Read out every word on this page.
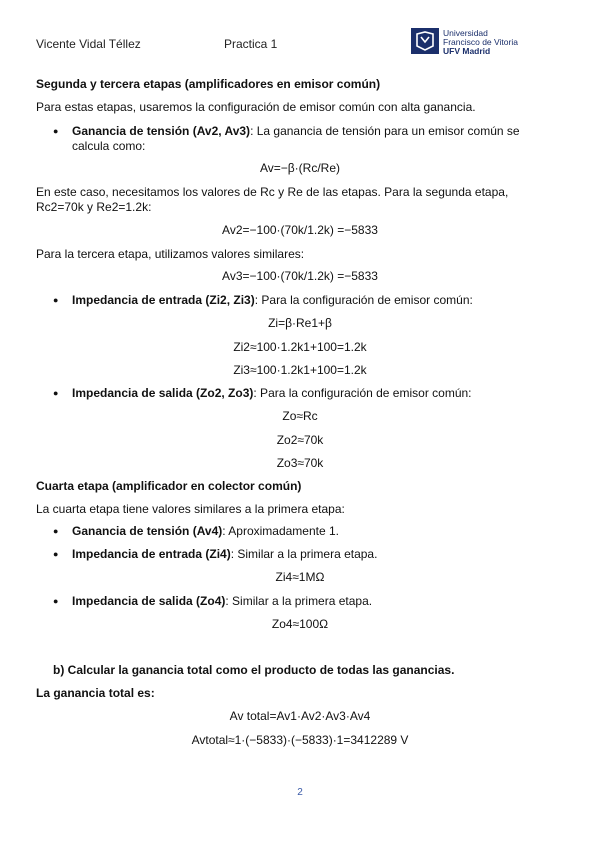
Vicente Vidal Téllez	Practica 1
Universidad
Francisco de Vitoria
UFV Madrid
Segunda y tercera etapas (amplificadores en emisor común)
Para estas etapas, usaremos la configuración de emisor común con alta ganancia.
● Ganancia de tensión (Av2, Av3): La ganancia de tensión para un emisor común se
calcula como:
Av=−β·(Rc/Re)
En este caso, necesitamos los valores de Rc y Re de las etapas. Para la segunda etapa,
Rc2=70k y Re2=1.2k:
Av2=−100·(70k/1.2k) =−5833
Para la tercera etapa, utilizamos valores similares:
Av3=−100·(70k/1.2k) =−5833
● Impedancia de entrada (Zi2, Zi3): Para la configuración de emisor común:
Zi=β·Re1+β
Zi2≈100·1.2k1+100=1.2k
Zi3≈100·1.2k1+100=1.2k
● Impedancia de salida (Zo2, Zo3): Para la configuración de emisor común:
Zo≈Rc
Zo2≈70k
Zo3≈70k
Cuarta etapa (amplificador en colector común)
La cuarta etapa tiene valores similares a la primera etapa:
● Ganancia de tensión (Av4): Aproximadamente 1.
● Impedancia de entrada (Zi4): Similar a la primera etapa.
Zi4≈1MΩ
● Impedancia de salida (Zo4): Similar a la primera etapa.
Zo4≈100Ω
b) Calcular la ganancia total como el producto de todas las ganancias.
La ganancia total es:
Av total=Av1·Av2·Av3·Av4
Avtotal≈1·(−5833)·(−5833)·1=3412289 V
2
